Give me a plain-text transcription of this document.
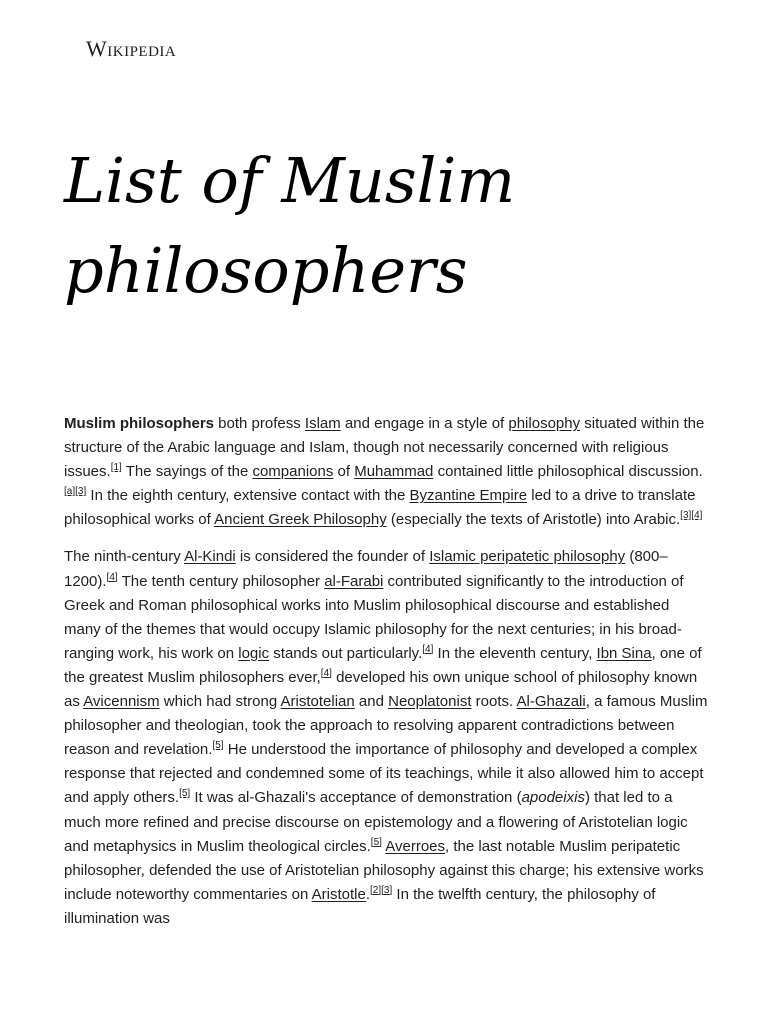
Wikipedia
List of Muslim philosophers

Muslim philosophers both profess Islam and engage in a style of philosophy situated within the structure of the Arabic language and Islam, though not necessarily concerned with religious issues.[1] The sayings of the companions of Muhammad contained little philosophical discussion.[a][3] In the eighth century, extensive contact with the Byzantine Empire led to a drive to translate philosophical works of Ancient Greek Philosophy (especially the texts of Aristotle) into Arabic.[3][4]

The ninth-century Al-Kindi is considered the founder of Islamic peripatetic philosophy (800–1200).[4] The tenth century philosopher al-Farabi contributed significantly to the introduction of Greek and Roman philosophical works into Muslim philosophical discourse and established many of the themes that would occupy Islamic philosophy for the next centuries; in his broad-ranging work, his work on logic stands out particularly.[4] In the eleventh century, Ibn Sina, one of the greatest Muslim philosophers ever,[4] developed his own unique school of philosophy known as Avicennism which had strong Aristotelian and Neoplatonist roots. Al-Ghazali, a famous Muslim philosopher and theologian, took the approach to resolving apparent contradictions between reason and revelation.[5] He understood the importance of philosophy and developed a complex response that rejected and condemned some of its teachings, while it also allowed him to accept and apply others.[5] It was al-Ghazali's acceptance of demonstration (apodeixis) that led to a much more refined and precise discourse on epistemology and a flowering of Aristotelian logic and metaphysics in Muslim theological circles.[5] Averroes, the last notable Muslim peripatetic philosopher, defended the use of Aristotelian philosophy against this charge; his extensive works include noteworthy commentaries on Aristotle.[2][3] In the twelfth century, the philosophy of illumination was
